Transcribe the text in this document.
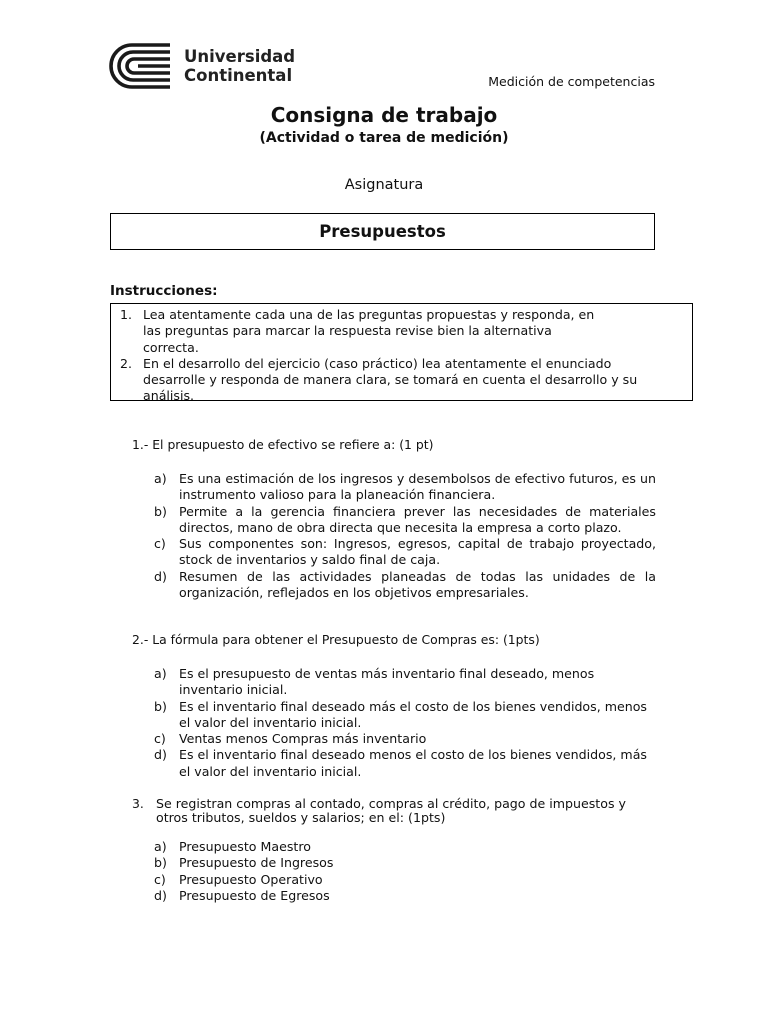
Universidad
Continental	Medición de competencias
Consigna de trabajo
(Actividad o tarea de medición)
Asignatura
Presupuestos
Instrucciones:
1. Lea atentamente cada una de las preguntas propuestas y responda, en
las preguntas para marcar la respuesta revise bien la alternativa
correcta.
2. En el desarrollo del ejercicio (caso práctico) lea atentamente el enunciado
desarrolle y responda de manera clara, se tomará en cuenta el desarrollo y su
análisis.
1.- El presupuesto de efectivo se refiere a: (1 pt)
a) Es una estimación de los ingresos y desembolsos de efectivo futuros, es un instrumento valioso para la planeación financiera.
b) Permite a la gerencia financiera prever las necesidades de materiales directos, mano de obra directa que necesita la empresa a corto plazo.
c) Sus componentes son: Ingresos, egresos, capital de trabajo proyectado, stock de inventarios y saldo final de caja.
d) Resumen de las actividades planeadas de todas las unidades de la organización, reflejados en los objetivos empresariales.
2.- La fórmula para obtener el Presupuesto de Compras es: (1pts)
a) Es el presupuesto de ventas más inventario final deseado, menos inventario inicial.
b) Es el inventario final deseado más el costo de los bienes vendidos, menos el valor del inventario inicial.
c) Ventas menos Compras más inventario
d) Es el inventario final deseado menos el costo de los bienes vendidos, más el valor del inventario inicial.
3. Se registran compras al contado, compras al crédito, pago de impuestos y otros tributos, sueldos y salarios; en el: (1pts)
a) Presupuesto Maestro
b) Presupuesto de Ingresos
c) Presupuesto Operativo
d) Presupuesto de Egresos
